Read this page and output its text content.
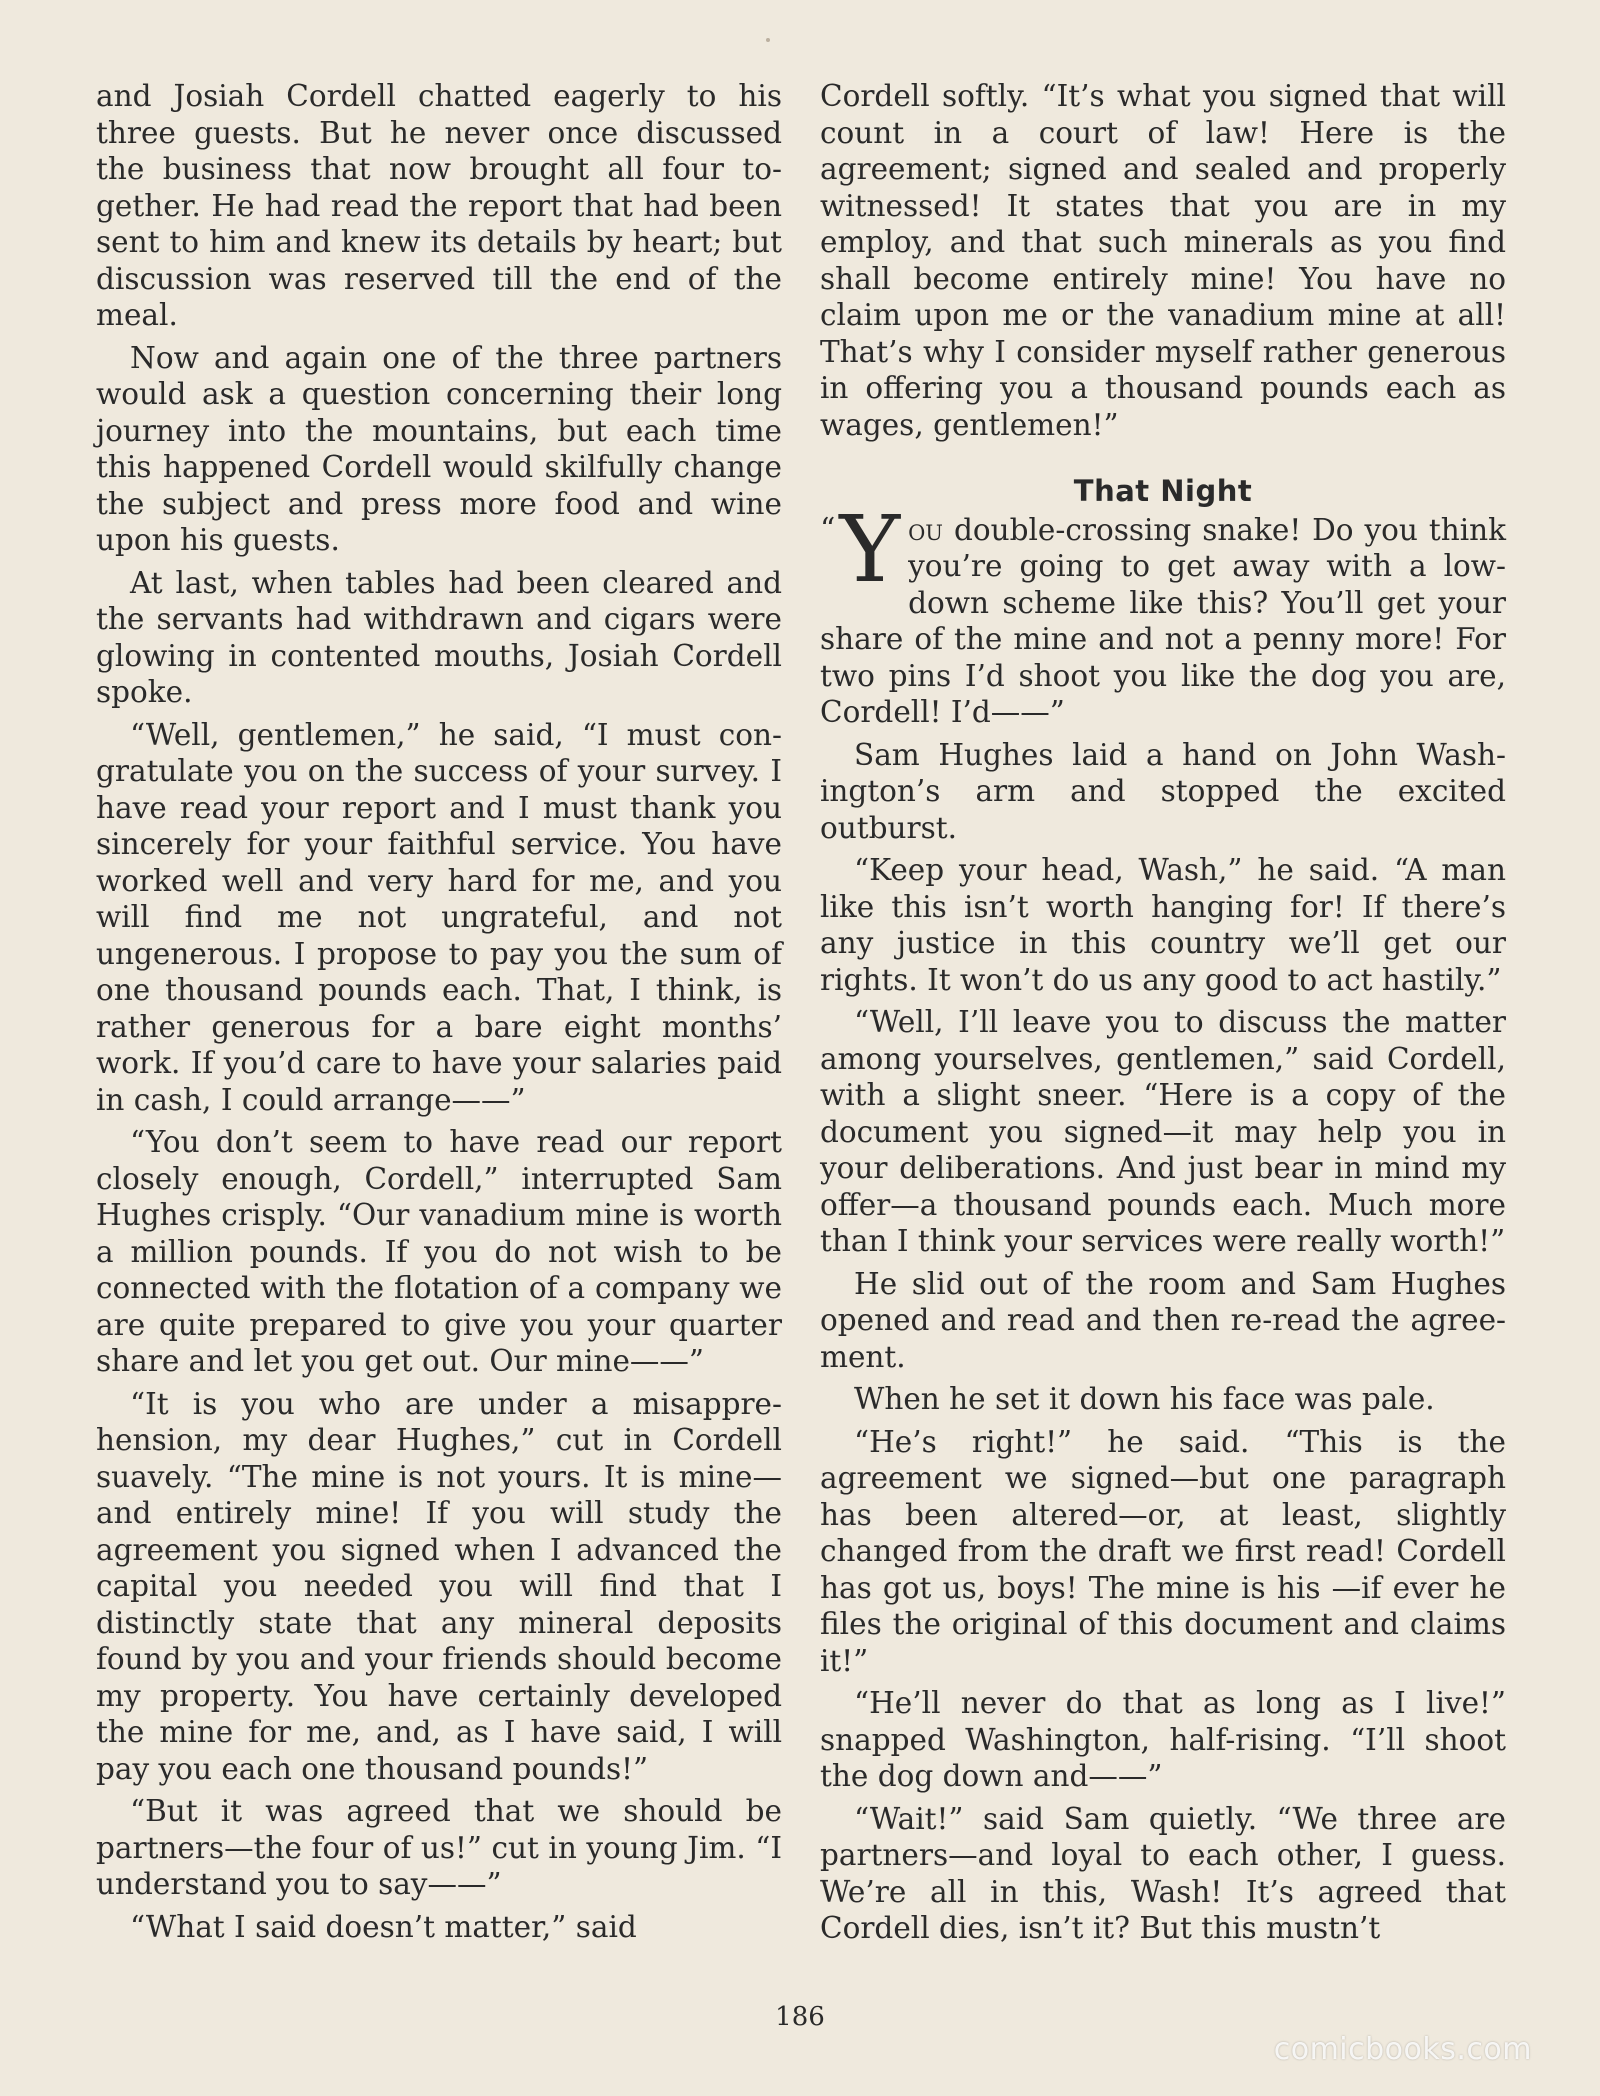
and Josiah Cordell chatted eagerly to his three guests. But he never once discussed the business that now brought all four together. He had read the report that had been sent to him and knew its details by heart; but discussion was reserved till the end of the meal.

Now and again one of the three partners would ask a question concerning their long journey into the mountains, but each time this happened Cordell would skilfully change the subject and press more food and wine upon his guests.

At last, when tables had been cleared and the servants had withdrawn and cigars were glowing in contented mouths, Josiah Cordell spoke.

“Well, gentlemen,” he said, “I must congratulate you on the success of your survey. I have read your report and I must thank you sincerely for your faithful service. You have worked well and very hard for me, and you will find me not ungrateful, and not ungenerous. I propose to pay you the sum of one thousand pounds each. That, I think, is rather generous for a bare eight months’ work. If you’d care to have your salaries paid in cash, I could arrange——”

“You don’t seem to have read our report closely enough, Cordell,” interrupted Sam Hughes crisply. “Our vanadium mine is worth a million pounds. If you do not wish to be connected with the flotation of a company we are quite prepared to give you your quarter share and let you get out. Our mine——”

“It is you who are under a misapprehension, my dear Hughes,” cut in Cordell suavely. “The mine is not yours. It is mine—and entirely mine! If you will study the agreement you signed when I advanced the capital you needed you will find that I distinctly state that any mineral deposits found by you and your friends should become my property. You have certainly developed the mine for me, and, as I have said, I will pay you each one thousand pounds!”

“But it was agreed that we should be partners—the four of us!” cut in young Jim. “I understand you to say——”

“What I said doesn’t matter,” said

Cordell softly. “It’s what you signed that will count in a court of law! Here is the agreement; signed and sealed and properly witnessed! It states that you are in my employ, and that such minerals as you find shall become entirely mine! You have no claim upon me or the vanadium mine at all! That’s why I consider myself rather generous in offering you a thousand pounds each as wages, gentlemen!”

That Night

“ Y ou double-crossing snake! Do you think you’re going to get away with a low-down scheme like this? You’ll get your share of the mine and not a penny more! For two pins I’d shoot you like the dog you are, Cordell! I’d——”

Sam Hughes laid a hand on John Washington’s arm and stopped the excited outburst.

“Keep your head, Wash,” he said. “A man like this isn’t worth hanging for! If there’s any justice in this country we’ll get our rights. It won’t do us any good to act hastily.”

“Well, I’ll leave you to discuss the matter among yourselves, gentlemen,” said Cordell, with a slight sneer. “Here is a copy of the document you signed—it may help you in your deliberations. And just bear in mind my offer—a thousand pounds each. Much more than I think your services were really worth!”

He slid out of the room and Sam Hughes opened and read and then re-read the agreement.

When he set it down his face was pale.

“He’s right!” he said. “This is the agreement we signed—but one paragraph has been altered—or, at least, slightly changed from the draft we first read! Cordell has got us, boys! The mine is his —if ever he files the original of this document and claims it!”

“He’ll never do that as long as I live!” snapped Washington, half-rising. “I’ll shoot the dog down and——”

“Wait!” said Sam quietly. “We three are partners—and loyal to each other, I guess. We’re all in this, Wash! It’s agreed that Cordell dies, isn’t it? But this mustn’t

186
comicbooks.com
